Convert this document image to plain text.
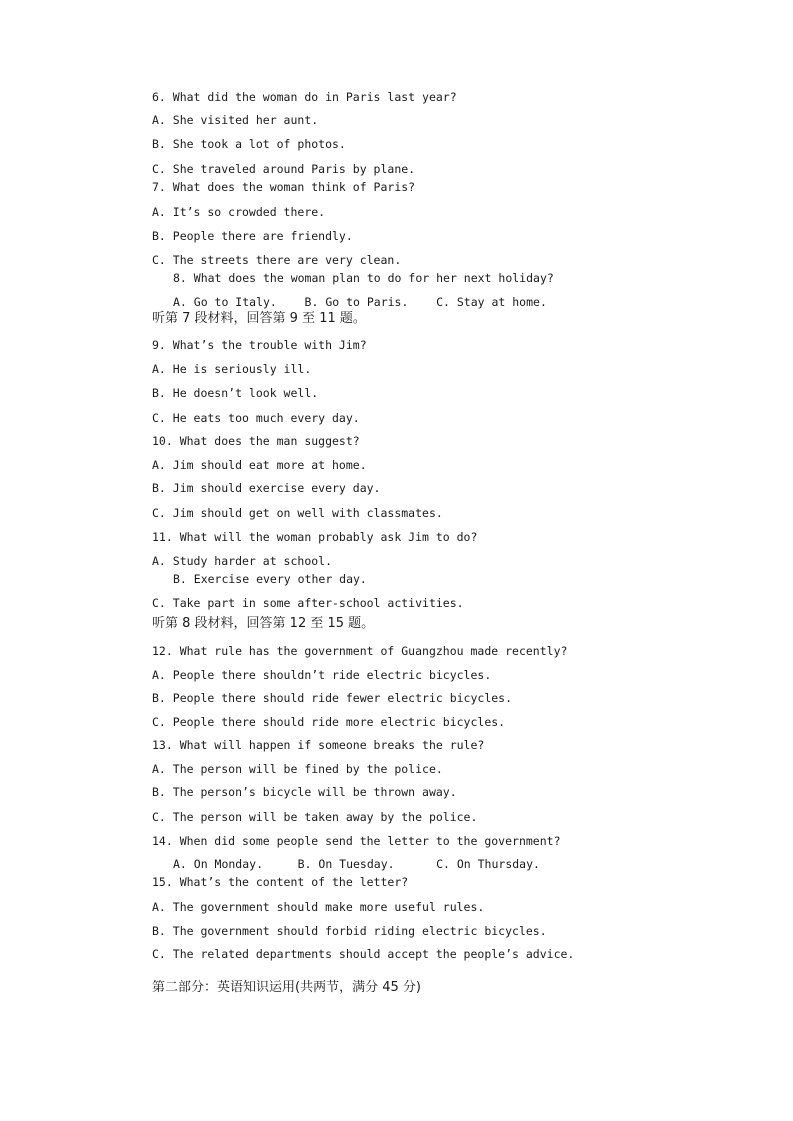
6. What did the woman do in Paris last year?
A. She visited her aunt.
B. She took a lot of photos.
C. She traveled around Paris by plane.
7. What does the woman think of Paris?
A. It’s so crowded there.
B. People there are friendly.
C. The streets there are very clean.
8. What does the woman plan to do for her next holiday?
A. Go to Italy.    B. Go to Paris.    C. Stay at home.
听第 7 段材料，回答第 9 至 11 题。
9. What’s the trouble with Jim?
A. He is seriously ill.
B. He doesn’t look well.
C. He eats too much every day.
10. What does the man suggest?
A. Jim should eat more at home.
B. Jim should exercise every day.
C. Jim should get on well with classmates.
11. What will the woman probably ask Jim to do?
A. Study harder at school.
B. Exercise every other day.
C. Take part in some after-school activities.
听第 8 段材料，回答第 12 至 15 题。
12. What rule has the government of Guangzhou made recently?
A. People there shouldn’t ride electric bicycles.
B. People there should ride fewer electric bicycles.
C. People there should ride more electric bicycles.
13. What will happen if someone breaks the rule?
A. The person will be fined by the police.
B. The person’s bicycle will be thrown away.
C. The person will be taken away by the police.
14. When did some people send the letter to the government?
A. On Monday.     B. On Tuesday.      C. On Thursday.
15. What’s the content of the letter?
A. The government should make more useful rules.
B. The government should forbid riding electric bicycles.
C. The related departments should accept the people’s advice.
第二部分：英语知识运用(共两节，满分 45 分)
